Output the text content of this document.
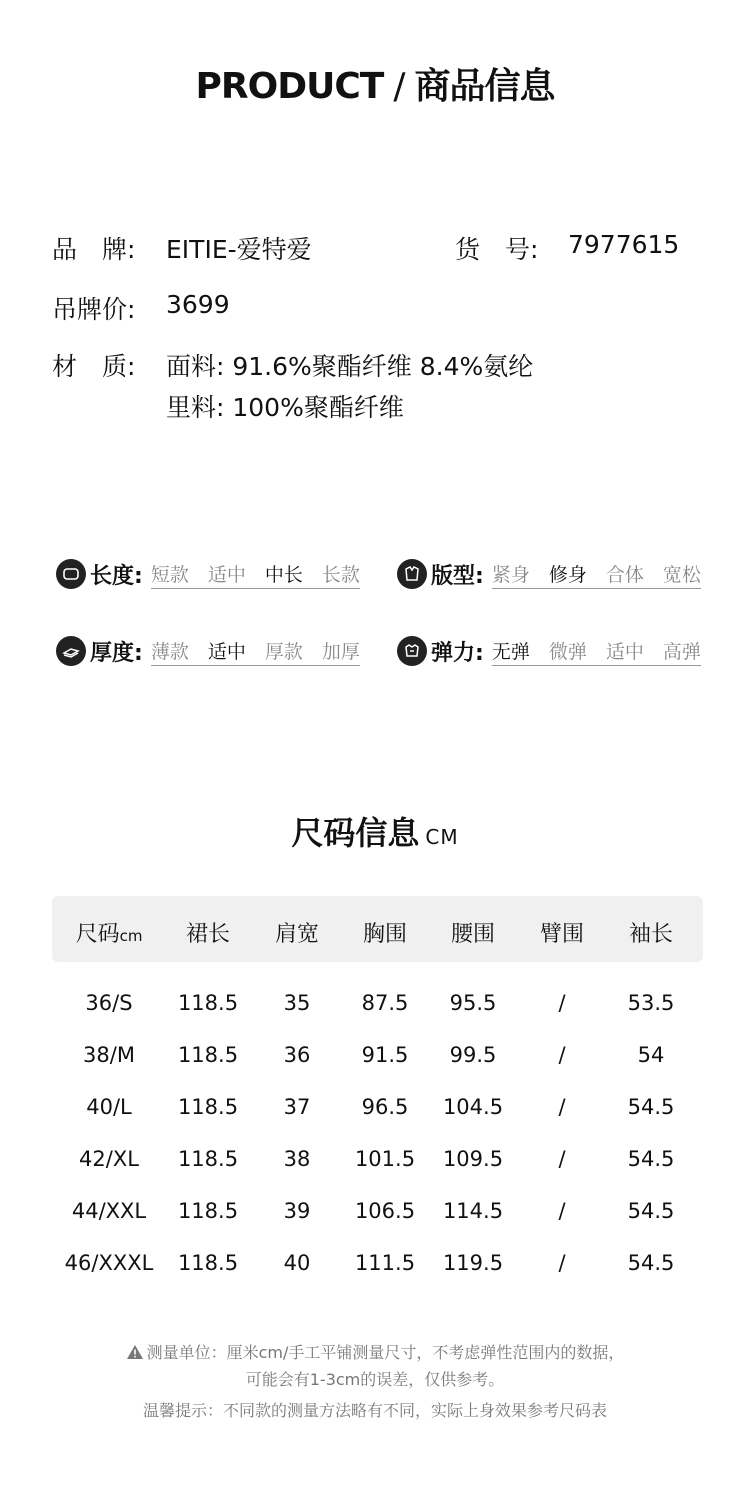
PRODUCT / 商品信息
品　牌: EITIE-爱特爱	货　号: 7977615
吊牌价: 3699
材　质: 面料: 91.6%聚酯纤维 8.4%氨纶
里料: 100%聚酯纤维
长度: 短款 适中 中长 长款	版型: 紧身 修身 合体 宽松
厚度: 薄款 适中 厚款 加厚	弹力: 无弹 微弹 适中 高弹
尺码信息 CM
尺码cm	裙长	肩宽	胸围	腰围	臂围	袖长
36/S	118.5	35	87.5	95.5	/	53.5
38/M	118.5	36	91.5	99.5	/	54
40/L	118.5	37	96.5	104.5	/	54.5
42/XL	118.5	38	101.5	109.5	/	54.5
44/XXL	118.5	39	106.5	114.5	/	54.5
46/XXXL	118.5	40	111.5	119.5	/	54.5
测量单位：厘米cm/手工平铺测量尺寸，不考虑弹性范围内的数据，
可能会有1-3cm的误差，仅供参考。
温馨提示：不同款的测量方法略有不同，实际上身效果参考尺码表
